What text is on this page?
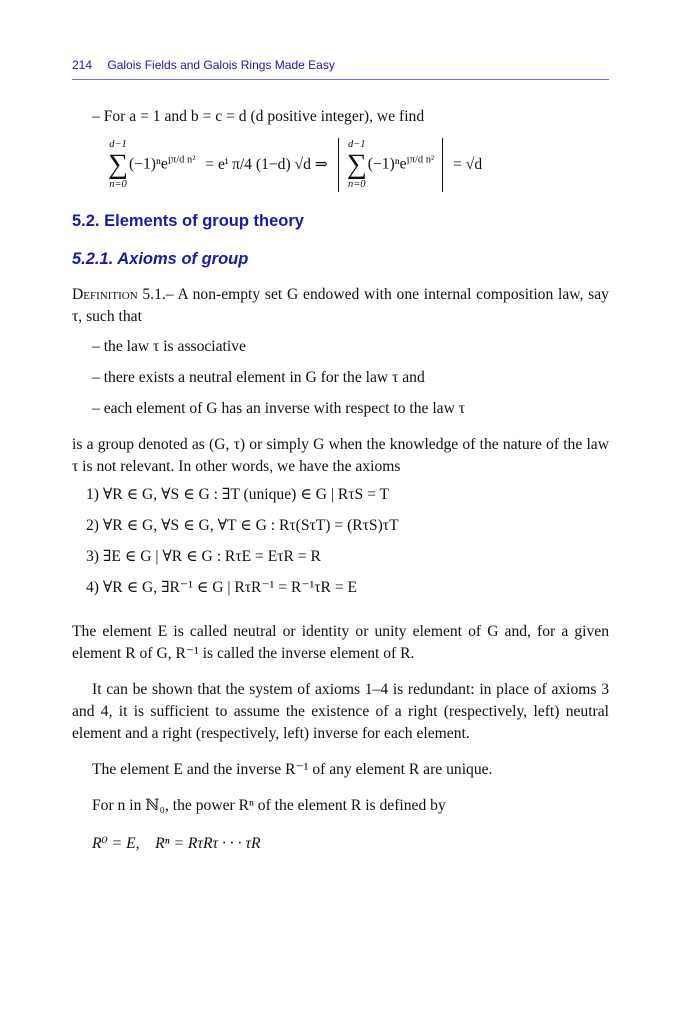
214 Galois Fields and Galois Rings Made Easy
– For a = 1 and b = c = d (d positive integer), we find
d−1
∑
n=0
(−1)ⁿeⁱ$^{\pi/d n^2}$ = eⁱ π/4 (1−d) √d ⇒
d−1
∑
n=0
(−1)ⁿeⁱ$^{\pi/d n^2}$ = √d
5.2. Elements of group theory
5.2.1. Axioms of group
Definition 5.1.– A non-empty set G endowed with one internal composition law, say τ, such that
– the law τ is associative
– there exists a neutral element in G for the law τ and
– each element of G has an inverse with respect to the law τ
is a group denoted as (G, τ) or simply G when the knowledge of the nature of the law τ is not relevant. In other words, we have the axioms
1) ∀R ∈ G, ∀S ∈ G : ∃T (unique) ∈ G | RτS = T
2) ∀R ∈ G, ∀S ∈ G, ∀T ∈ G : Rτ(SτT) = (RτS)τT
3) ∃E ∈ G | ∀R ∈ G : RτE = EτR = R
4) ∀R ∈ G, ∃R⁻¹ ∈ G | RτR⁻¹ = R⁻¹τR = E
The element E is called neutral or identity or unity element of G and, for a given element R of G, R⁻¹ is called the inverse element of R.
It can be shown that the system of axioms 1–4 is redundant: in place of axioms 3 and 4, it is sufficient to assume the existence of a right (respectively, left) neutral element and a right (respectively, left) inverse for each element.
The element E and the inverse R⁻¹ of any element R are unique.
For n in ℕ₀, the power Rⁿ of the element R is defined by
R⁰ = E,    Rⁿ = RτRτ · · · τR
